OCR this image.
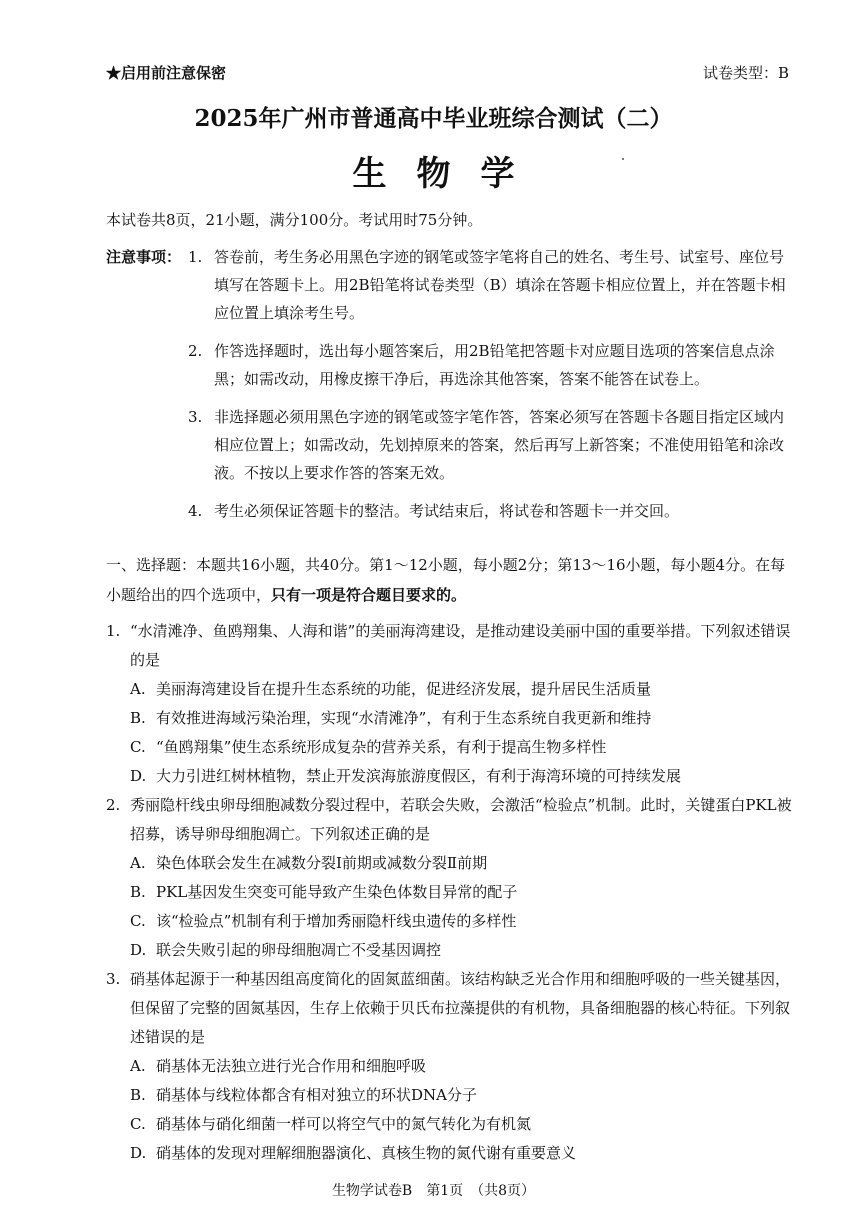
★启用前注意保密	试卷类型：B
2025年广州市普通高中毕业班综合测试（二）
生物学
本试卷共8页，21小题，满分100分。考试用时75分钟。
注意事项： 1. 答卷前，考生务必用黑色字迹的钢笔或签字笔将自己的姓名、考生号、试室号、座位号填写在答题卡上。用2B铅笔将试卷类型（B）填涂在答题卡相应位置上，并在答题卡相应位置上填涂考生号。
2. 作答选择题时，选出每小题答案后，用2B铅笔把答题卡对应题目选项的答案信息点涂黑；如需改动，用橡皮擦干净后，再选涂其他答案，答案不能答在试卷上。
3. 非选择题必须用黑色字迹的钢笔或签字笔作答，答案必须写在答题卡各题目指定区域内相应位置上；如需改动，先划掉原来的答案，然后再写上新答案；不准使用铅笔和涂改液。不按以上要求作答的答案无效。
4. 考生必须保证答题卡的整洁。考试结束后，将试卷和答题卡一并交回。
一、选择题：本题共16小题，共40分。第1～12小题，每小题2分；第13～16小题，每小题4分。在每小题给出的四个选项中，只有一项是符合题目要求的。
1. “水清滩净、鱼鸥翔集、人海和谐”的美丽海湾建设，是推动建设美丽中国的重要举措。下列叙述错误的是
A. 美丽海湾建设旨在提升生态系统的功能，促进经济发展，提升居民生活质量
B. 有效推进海域污染治理，实现“水清滩净”，有利于生态系统自我更新和维持
C. “鱼鸥翔集”使生态系统形成复杂的营养关系，有利于提高生物多样性
D. 大力引进红树林植物，禁止开发滨海旅游度假区，有利于海湾环境的可持续发展
2. 秀丽隐杆线虫卵母细胞减数分裂过程中，若联会失败，会激活“检验点”机制。此时，关键蛋白PKL被招募，诱导卵母细胞凋亡。下列叙述正确的是
A. 染色体联会发生在减数分裂Ⅰ前期或减数分裂Ⅱ前期
B. PKL基因发生突变可能导致产生染色体数目异常的配子
C. 该“检验点”机制有利于增加秀丽隐杆线虫遗传的多样性
D. 联会失败引起的卵母细胞凋亡不受基因调控
3. 硝基体起源于一种基因组高度简化的固氮蓝细菌。该结构缺乏光合作用和细胞呼吸的一些关键基因，但保留了完整的固氮基因，生存上依赖于贝氏布拉藻提供的有机物，具备细胞器的核心特征。下列叙述错误的是
A. 硝基体无法独立进行光合作用和细胞呼吸
B. 硝基体与线粒体都含有相对独立的环状DNA分子
C. 硝基体与硝化细菌一样可以将空气中的氮气转化为有机氮
D. 硝基体的发现对理解细胞器演化、真核生物的氮代谢有重要意义
生物学试卷B　第1页　（共8页）
